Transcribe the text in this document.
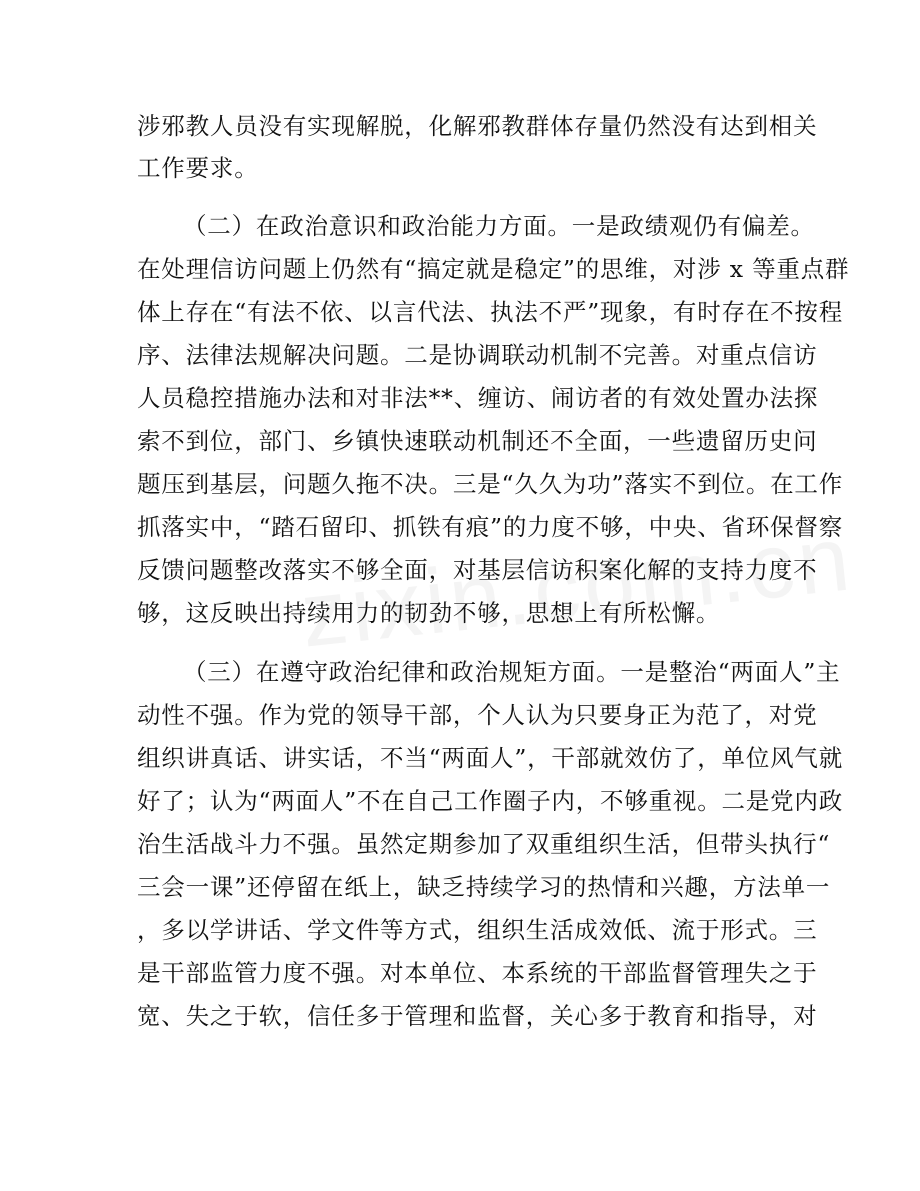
涉邪教人员没有实现解脱，化解邪教群体存量仍然没有达到相关
工作要求。
（二）在政治意识和政治能力方面。一是政绩观仍有偏差。
在处理信访问题上仍然有“搞定就是稳定”的思维，对涉 x 等重点群
体上存在“有法不依、以言代法、执法不严”现象，有时存在不按程
序、法律法规解决问题。二是协调联动机制不完善。对重点信访
人员稳控措施办法和对非法**、缠访、闹访者的有效处置办法探
索不到位，部门、乡镇快速联动机制还不全面，一些遗留历史问
题压到基层，问题久拖不决。三是“久久为功”落实不到位。在工作
抓落实中，“踏石留印、抓铁有痕”的力度不够，中央、省环保督察
反馈问题整改落实不够全面，对基层信访积案化解的支持力度不
够，这反映出持续用力的韧劲不够，思想上有所松懈。
（三）在遵守政治纪律和政治规矩方面。一是整治“两面人”主
动性不强。作为党的领导干部，个人认为只要身正为范了，对党
组织讲真话、讲实话，不当“两面人”，干部就效仿了，单位风气就
好了；认为“两面人”不在自己工作圈子内，不够重视。二是党内政
治生活战斗力不强。虽然定期参加了双重组织生活，但带头执行“
三会一课”还停留在纸上，缺乏持续学习的热情和兴趣，方法单一
，多以学讲话、学文件等方式，组织生活成效低、流于形式。三
是干部监管力度不强。对本单位、本系统的干部监督管理失之于
宽、失之于软，信任多于管理和监督，关心多于教育和指导，对
